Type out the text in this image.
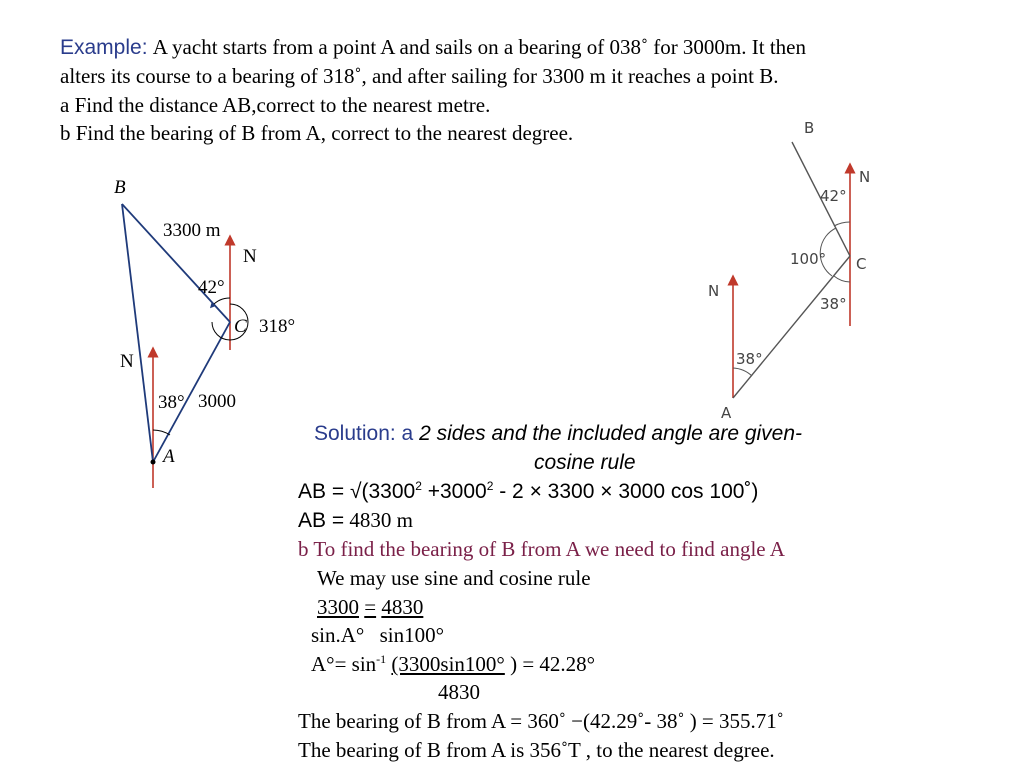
Example: A yacht starts from a point A and sails on a bearing of 038˚ for 3000m. It then
alters its course to a bearing of 318˚, and after sailing for 3300 m it reaches a point B.
a Find the distance AB,correct to the nearest metre.
b Find the bearing of B from A, correct to the nearest degree.
B
3300 m
N
42°
C 318°
N
38° 3000
A
B
N
42°
100° C
38°
N
38°
A
Solution: a 2 sides and the included angle are given-
cosine rule
AB = $√(3300^2 +3000^2 - 2 \times 3300 \times 3000$ cos 100˚)
AB = 4830 m
b To find the bearing of B from A we need to find angle A
We may use sine and cosine rule
3300 = 4830
sin.A° sin100°
$A^\circ= \sin^{-1} (3300\sin 100^\circ$ ) = 42.28°
4830
The bearing of B from A = 360˚ −(42.29˚- 38˚ ) = 355.71˚
The bearing of B from A is 356˚T , to the nearest degree.
